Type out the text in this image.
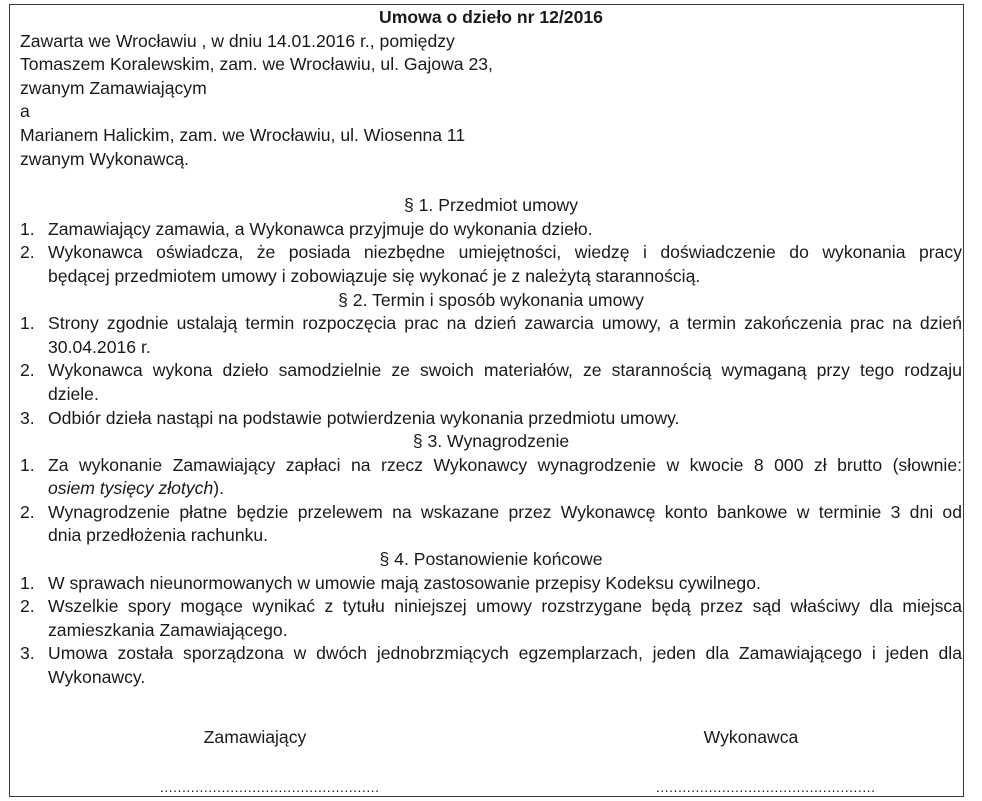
Umowa o dzieło nr 12/2016

Zawarta we Wrocławiu , w dniu 14.01.2016 r., pomiędzy

Tomaszem Koralewskim, zam. we Wrocławiu, ul. Gajowa 23,

zwanym Zamawiającym

a

Marianem Halickim, zam. we Wrocławiu, ul. Wiosenna 11

zwanym Wykonawcą.

§ 1. Przedmiot umowy

1. Zamawiający zamawia, a Wykonawca przyjmuje do wykonania dzieło.
2. Wykonawca oświadcza, że posiada niezbędne umiejętności, wiedzę i doświadczenie do wykonania pracy
będącej przedmiotem umowy i zobowiązuje się wykonać je z należytą starannością.

§ 2. Termin i sposób wykonania umowy

1. Strony zgodnie ustalają termin rozpoczęcia prac na dzień zawarcia umowy, a termin zakończenia prac na dzień
30.04.2016 r.
2. Wykonawca wykona dzieło samodzielnie ze swoich materiałów, ze starannością wymaganą przy tego rodzaju
dziele.
3. Odbiór dzieła nastąpi na podstawie potwierdzenia wykonania przedmiotu umowy.

§ 3. Wynagrodzenie

1. Za wykonanie Zamawiający zapłaci na rzecz Wykonawcy wynagrodzenie w kwocie 8 000 zł brutto (słownie:
osiem tysięcy złotych).
2. Wynagrodzenie płatne będzie przelewem na wskazane przez Wykonawcę konto bankowe w terminie 3 dni od
dnia przedłożenia rachunku.

§ 4. Postanowienie końcowe

1. W sprawach nieunormowanych w umowie mają zastosowanie przepisy Kodeksu cywilnego.
2. Wszelkie spory mogące wynikać z tytułu niniejszej umowy rozstrzygane będą przez sąd właściwy dla miejsca
zamieszkania Zamawiającego.
3. Umowa została sporządzona w dwóch jednobrzmiących egzemplarzach, jeden dla Zamawiającego i jeden dla
Wykonawcy.
Zamawiający
..................................................
Wykonawca
..................................................
